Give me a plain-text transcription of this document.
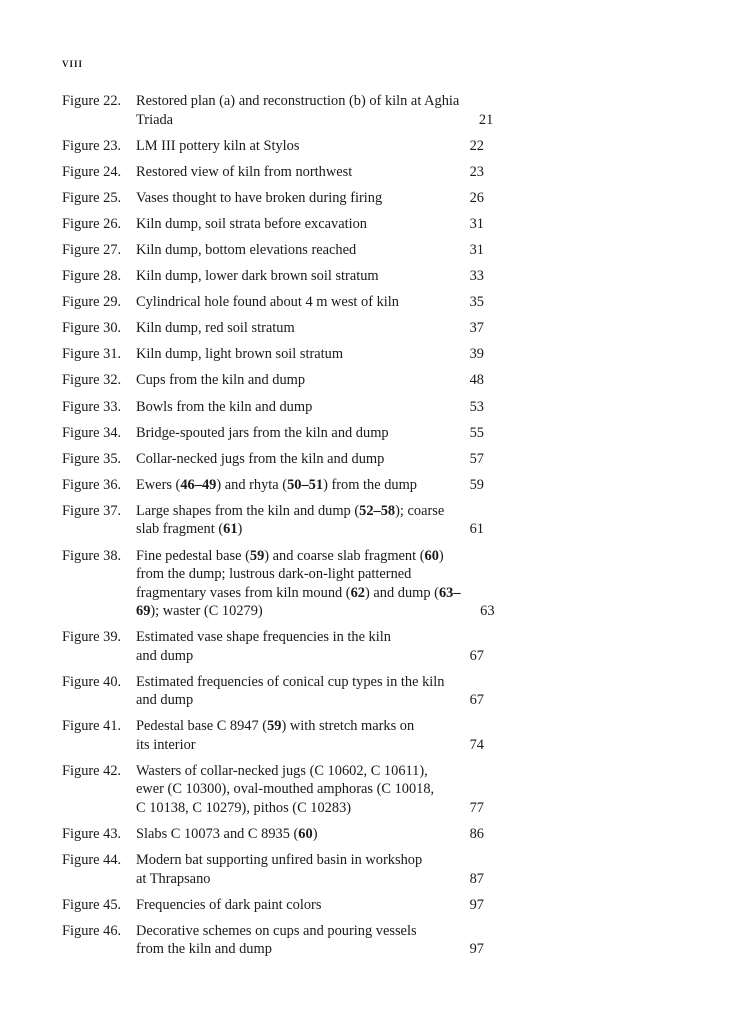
viii
Figure 22.	Restored plan (a) and reconstruction (b) of kiln at Aghia
Triada	21
Figure 23.	LM III pottery kiln at Stylos	22
Figure 24.	Restored view of kiln from northwest	23
Figure 25.	Vases thought to have broken during firing	26
Figure 26.	Kiln dump, soil strata before excavation	31
Figure 27.	Kiln dump, bottom elevations reached	31
Figure 28.	Kiln dump, lower dark brown soil stratum	33
Figure 29.	Cylindrical hole found about 4 m west of kiln	35
Figure 30.	Kiln dump, red soil stratum	37
Figure 31.	Kiln dump, light brown soil stratum	39
Figure 32.	Cups from the kiln and dump	48
Figure 33.	Bowls from the kiln and dump	53
Figure 34.	Bridge-spouted jars from the kiln and dump	55
Figure 35.	Collar-necked jugs from the kiln and dump	57
Figure 36.	Ewers (46–49) and rhyta (50–51) from the dump	59
Figure 37.	Large shapes from the kiln and dump (52–58); coarse
slab fragment (61)	61
Figure 38.	Fine pedestal base (59) and coarse slab fragment (60)
from the dump; lustrous dark-on-light patterned
fragmentary vases from kiln mound (62) and dump (63–
69); waster (C 10279)	63
Figure 39.	Estimated vase shape frequencies in the kiln
and dump	67
Figure 40.	Estimated frequencies of conical cup types in the kiln
and dump	67
Figure 41.	Pedestal base C 8947 (59) with stretch marks on
its interior	74
Figure 42.	Wasters of collar-necked jugs (C 10602, C 10611),
ewer (C 10300), oval-mouthed amphoras (C 10018,
C 10138, C 10279), pithos (C 10283)	77
Figure 43.	Slabs C 10073 and C 8935 (60)	86
Figure 44.	Modern bat supporting unfired basin in workshop
at Thrapsano	87
Figure 45.	Frequencies of dark paint colors	97
Figure 46.	Decorative schemes on cups and pouring vessels
from the kiln and dump	97
